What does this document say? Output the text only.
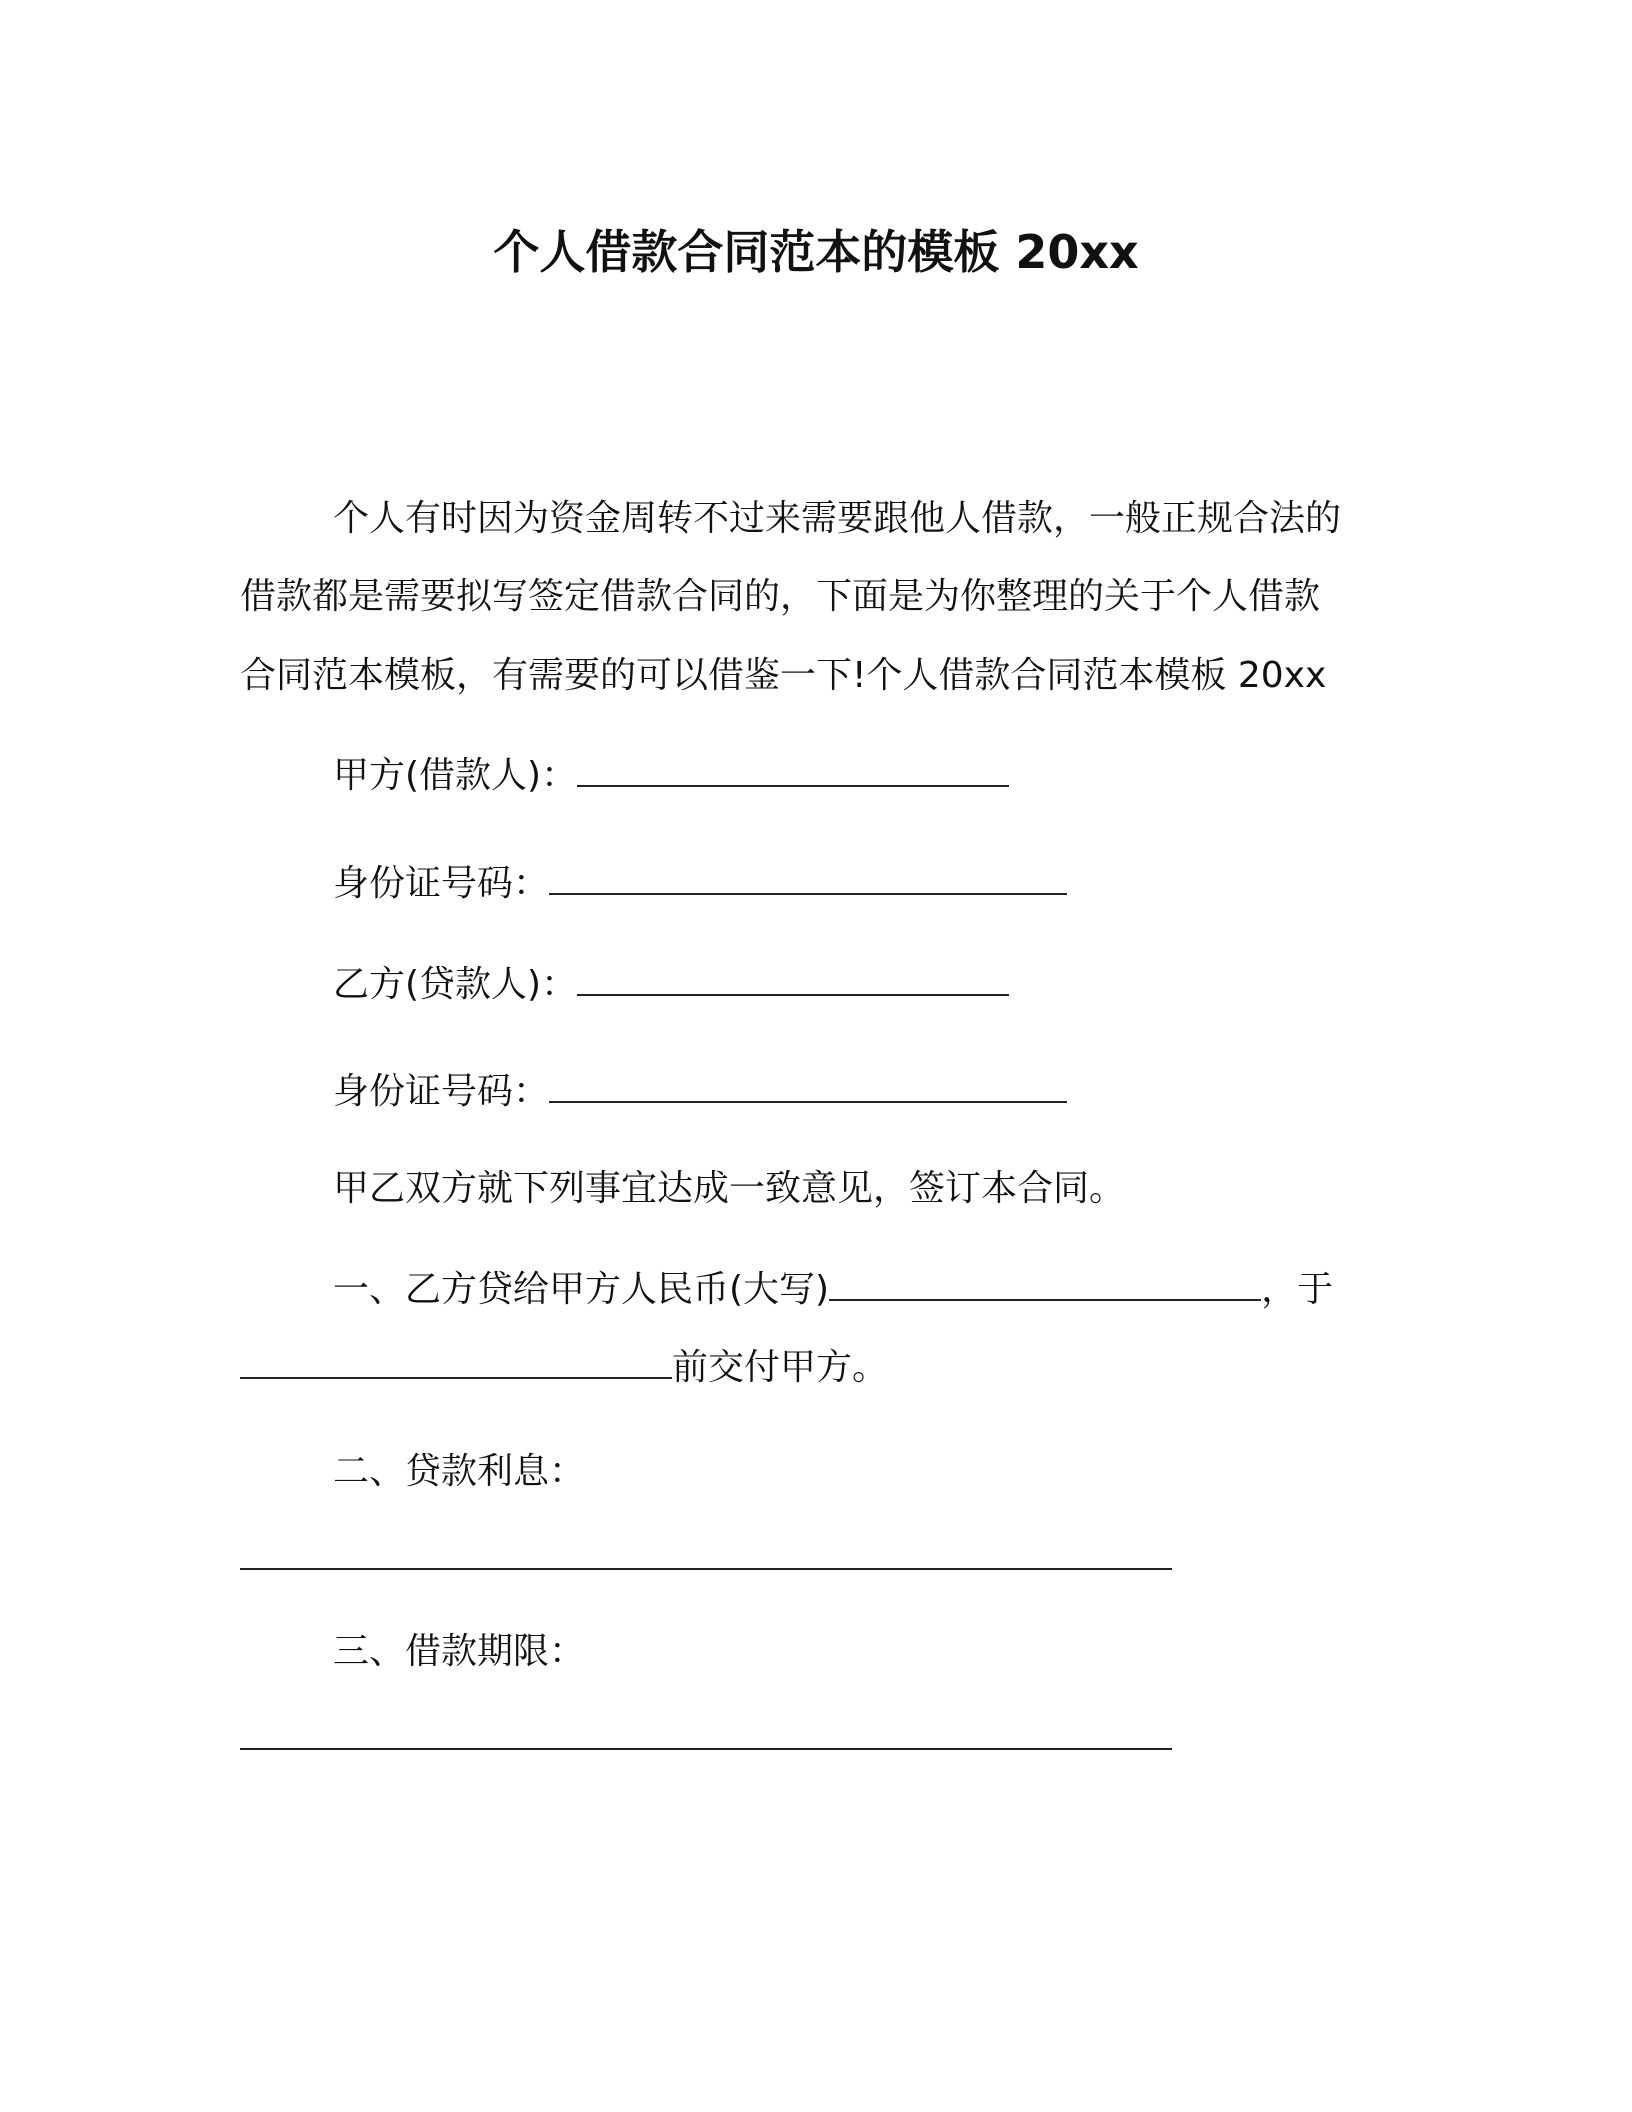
个人借款合同范本的模板 20xx
个人有时因为资金周转不过来需要跟他人借款，一般正规合法的
借款都是需要拟写签定借款合同的，下面是为你整理的关于个人借款
合同范本模板，有需要的可以借鉴一下!个人借款合同范本模板 20xx
甲方(借款人)：
身份证号码：
乙方(贷款人)：
身份证号码：
甲乙双方就下列事宜达成一致意见，签订本合同。
一、乙方贷给甲方人民币(大写)	，于
前交付甲方。
二、贷款利息：
三、借款期限：
